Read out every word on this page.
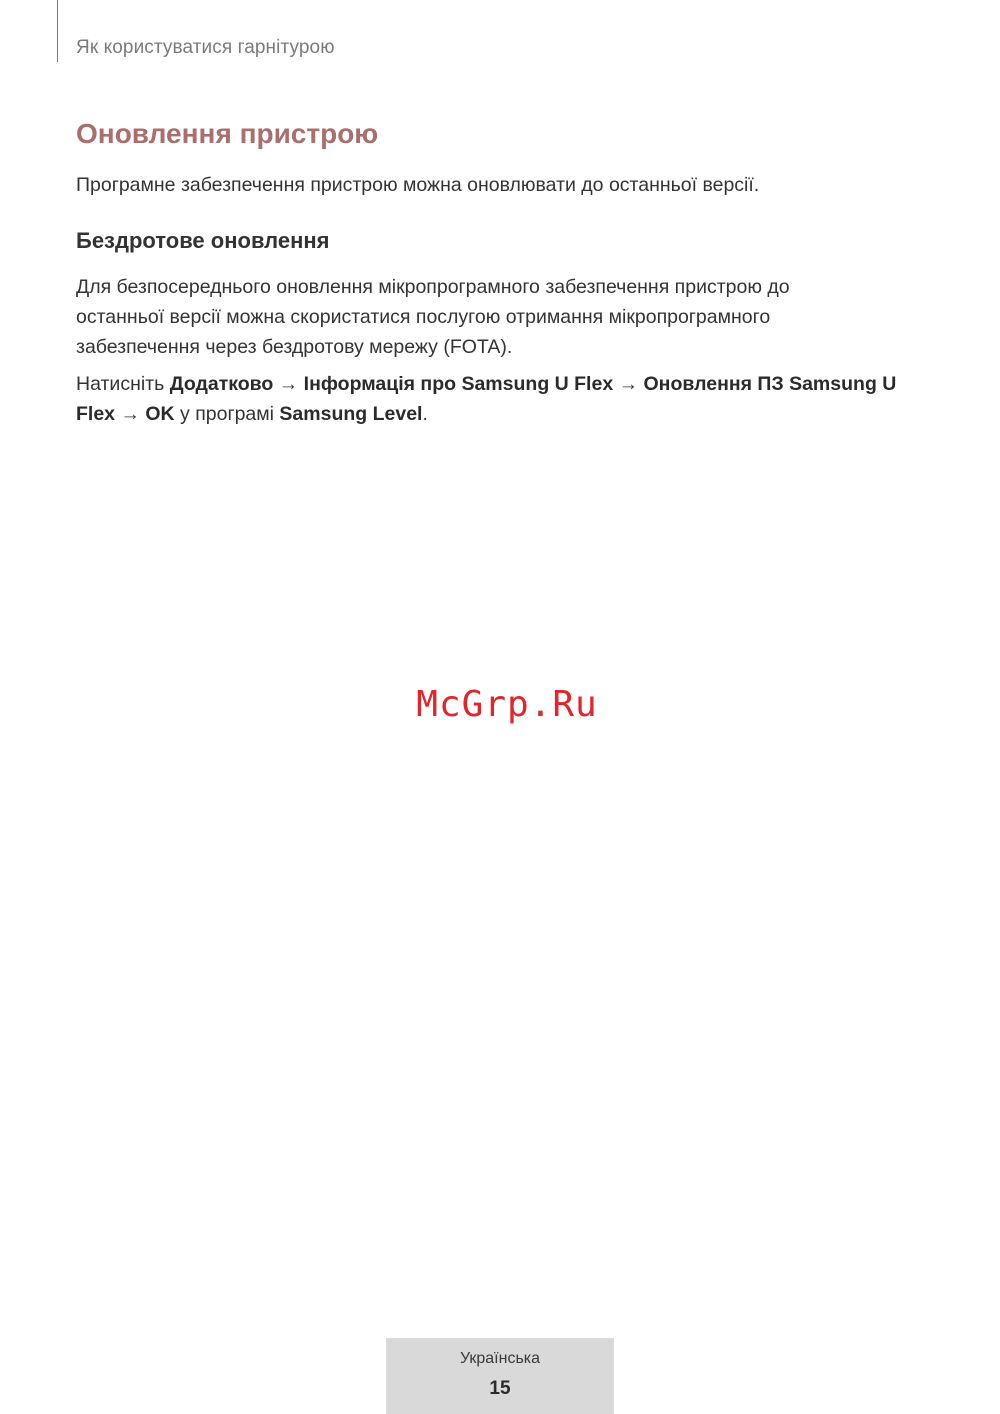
Як користуватися гарнітурою
Оновлення пристрою

Програмне забезпечення пристрою можна оновлювати до останньої версії.

Бездротове оновлення

Для безпосереднього оновлення мікропрограмного забезпечення пристрою до останньої версії можна скористатися послугою отримання мікропрограмного забезпечення через бездротову мережу (FOTA).

Натисніть Додатково → Інформація про Samsung U Flex → Оновлення ПЗ Samsung U Flex → OK у програмі Samsung Level.

McGrp.Ru
Українська
15
